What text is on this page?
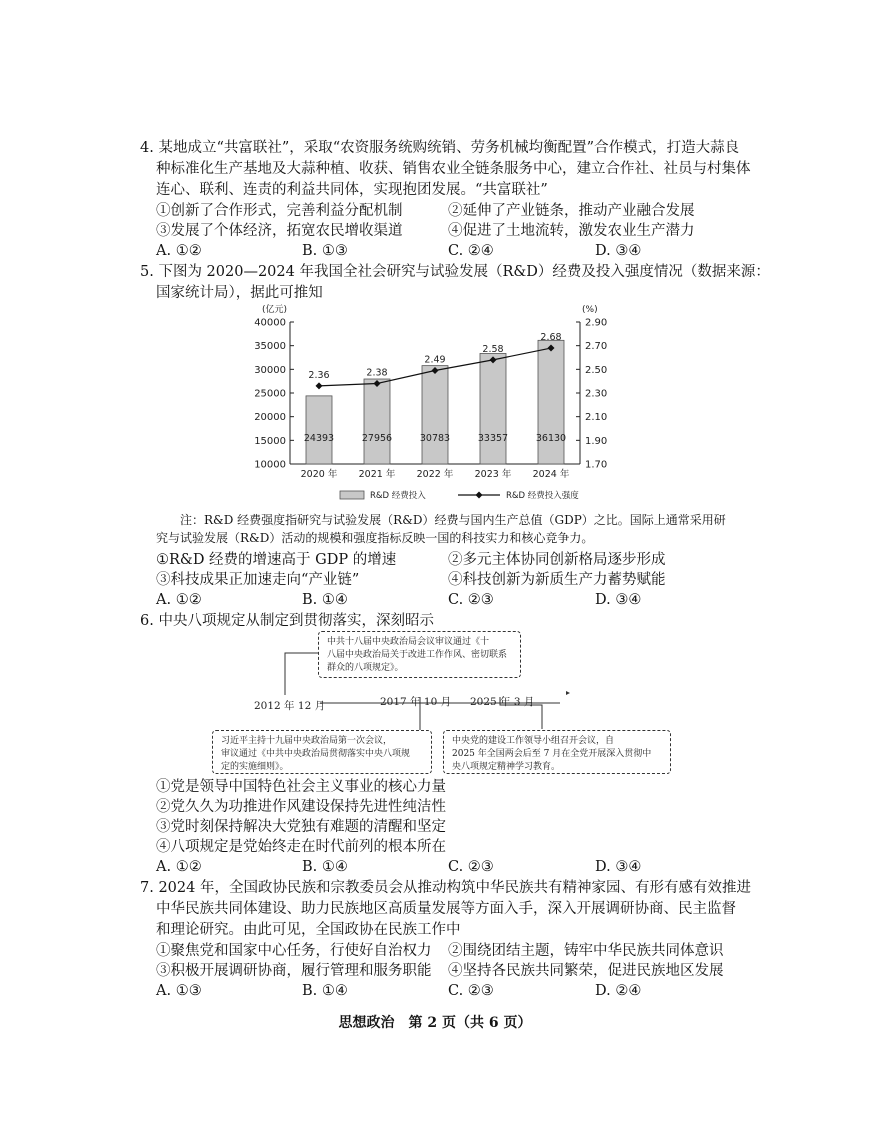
4. 某地成立“共富联社”，采取“农资服务统购统销、劳务机械均衡配置”合作模式，打造大蒜良
种标准化生产基地及大蒜种植、收获、销售农业全链条服务中心，建立合作社、社员与村集体
连心、联利、连责的利益共同体，实现抱团发展。“共富联社”
①创新了合作形式，完善利益分配机制	②延伸了产业链条，推动产业融合发展
③发展了个体经济，拓宽农民增收渠道	④促进了土地流转，激发农业生产潜力
A. ①②	B. ①③	C. ②④	D. ③④
5. 下图为 2020—2024 年我国全社会研究与试验发展（R&D）经费及投入强度情况（数据来源：
国家统计局），据此可推知
10000
15000
20000
25000
30000
35000
40000
1.70
1.90
2.10
2.30
2.50
2.70
2.90
(亿元)	(%)
24393
2020 年
27956
2021 年
30783
2022 年
33357
2023 年
36130
2024 年
2.36	2.38
2.49
2.58
2.68
R&D 经费投入	R&D 经费投入强度
注：R&D 经费强度指研究与试验发展（R&D）经费与国内生产总值（GDP）之比。国际上通常采用研
究与试验发展（R&D）活动的规模和强度指标反映一国的科技实力和核心竞争力。
①R&D 经费的增速高于 GDP 的增速	②多元主体协同创新格局逐步形成
③科技成果正加速走向“产业链”	④科技创新为新质生产力蓄势赋能
A. ①②	B. ①④	C. ②③	D. ③④
6. 中央八项规定从制定到贯彻落实，深刻昭示
中共十八届中央政治局会议审议通过《十
八届中央政治局关于改进工作作风、密切联系
群众的八项规定》。
2012 年 12 月	2017 年 10 月 2025 年 3 月
习近平主持十九届中央政治局第一次会议，
审议通过《中共中央政治局贯彻落实中央八项规
定的实施细则》。
中央党的建设工作领导小组召开会议，自
2025 年全国两会后至 7 月在全党开展深入贯彻中
央八项规定精神学习教育。
①党是领导中国特色社会主义事业的核心力量
②党久久为功推进作风建设保持先进性纯洁性
③党时刻保持解决大党独有难题的清醒和坚定
④八项规定是党始终走在时代前列的根本所在
A. ①②	B. ①④	C. ②③	D. ③④
7. 2024 年，全国政协民族和宗教委员会从推动构筑中华民族共有精神家园、有形有感有效推进
中华民族共同体建设、助力民族地区高质量发展等方面入手，深入开展调研协商、民主监督
和理论研究。由此可见，全国政协在民族工作中
①聚焦党和国家中心任务，行使好自治权力 ②围绕团结主题，铸牢中华民族共同体意识
③积极开展调研协商，履行管理和服务职能 ④坚持各民族共同繁荣，促进民族地区发展
A. ①③	B. ①④	C. ②③	D. ②④
思想政治　第 2 页（共 6 页）
